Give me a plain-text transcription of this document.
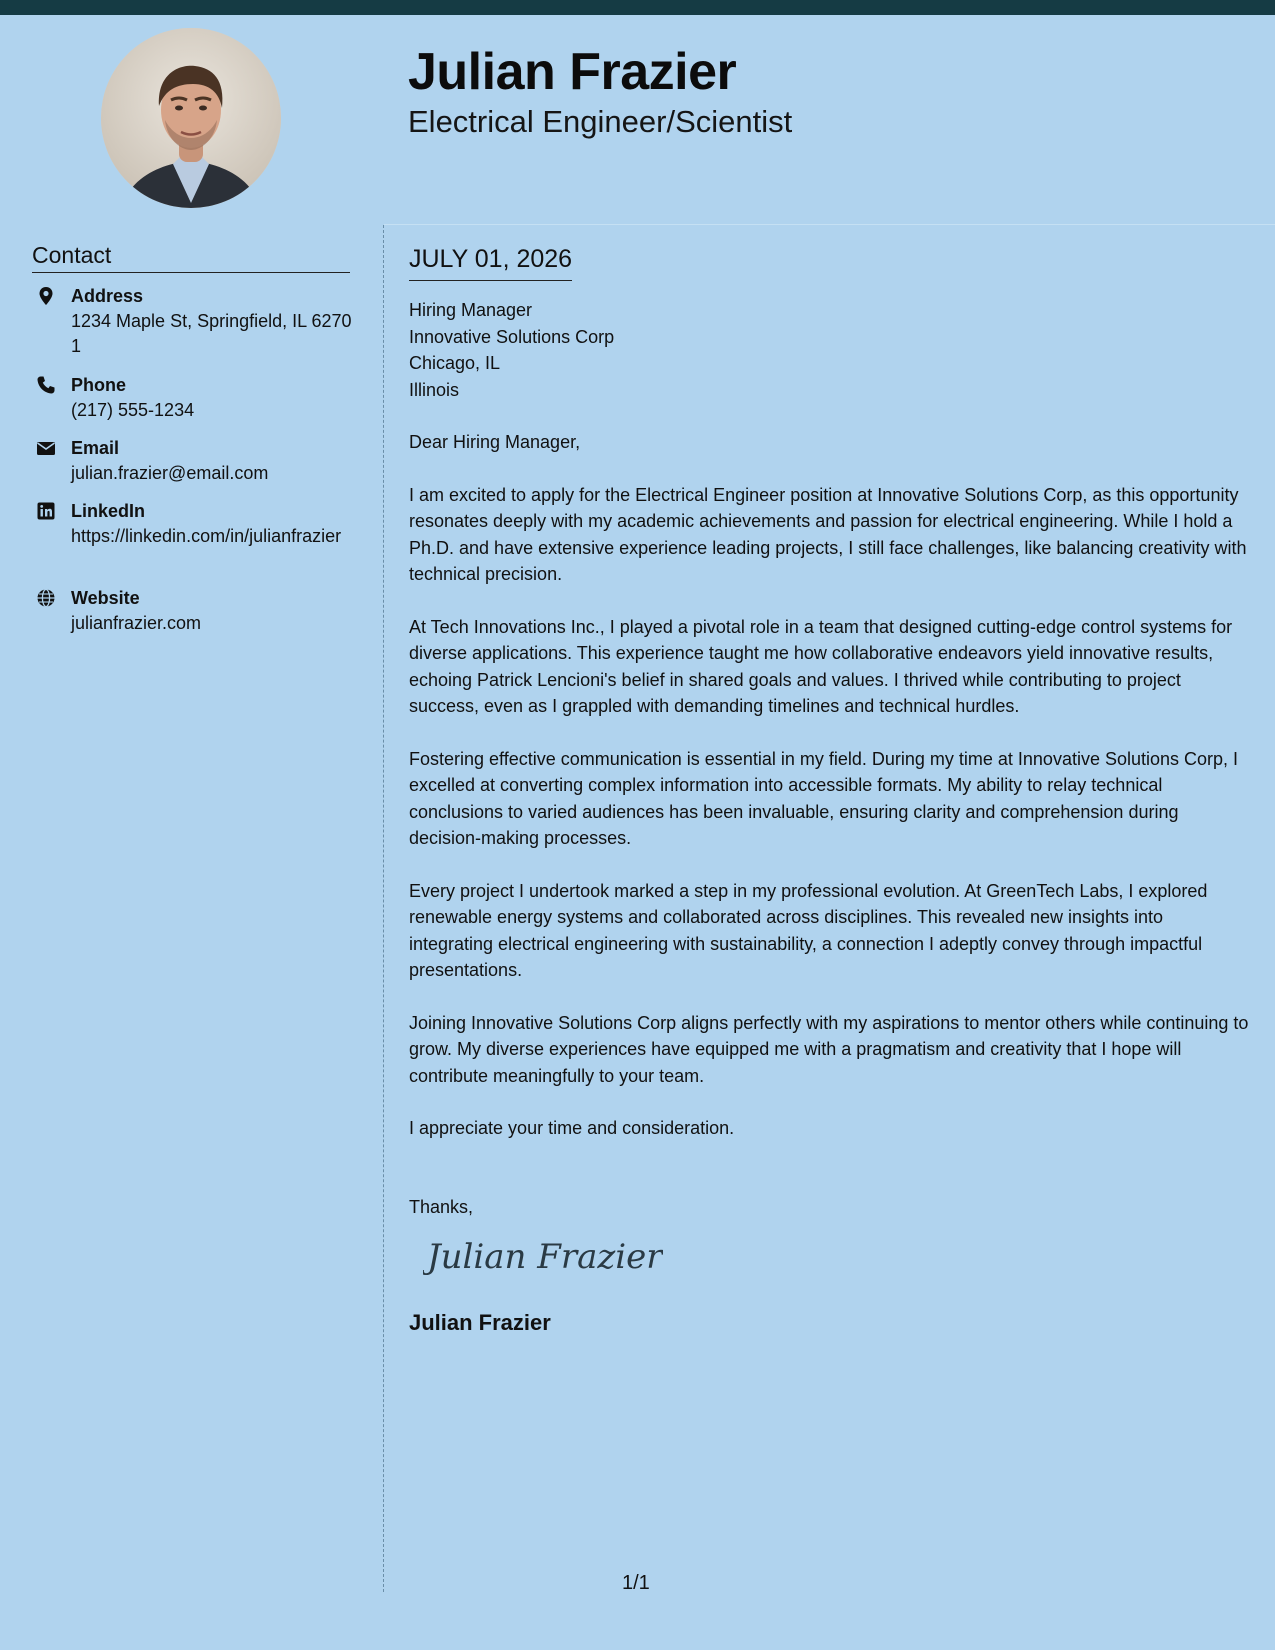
Julian Frazier
Electrical Engineer/Scientist
Contact
Address
1234 Maple St, Springfield, IL 62701
Phone
(217) 555-1234
Email
julian.frazier@email.com
LinkedIn
https://linkedin.com/in/julianfrazier
Website
julianfrazier.com
JULY 01, 2026
Hiring Manager
Innovative Solutions Corp
Chicago, IL
Illinois

Dear Hiring Manager,

I am excited to apply for the Electrical Engineer position at Innovative Solutions Corp, as this opportunity resonates deeply with my academic achievements and passion for electrical engineering. While I hold a Ph.D. and have extensive experience leading projects, I still face challenges, like balancing creativity with technical precision.

At Tech Innovations Inc., I played a pivotal role in a team that designed cutting-edge control systems for diverse applications. This experience taught me how collaborative endeavors yield innovative results, echoing Patrick Lencioni's belief in shared goals and values. I thrived while contributing to project success, even as I grappled with demanding timelines and technical hurdles.

Fostering effective communication is essential in my field. During my time at Innovative Solutions Corp, I excelled at converting complex information into accessible formats. My ability to relay technical conclusions to varied audiences has been invaluable, ensuring clarity and comprehension during decision-making processes.

Every project I undertook marked a step in my professional evolution. At GreenTech Labs, I explored renewable energy systems and collaborated across disciplines. This revealed new insights into integrating electrical engineering with sustainability, a connection I adeptly convey through impactful presentations.

Joining Innovative Solutions Corp aligns perfectly with my aspirations to mentor others while continuing to grow. My diverse experiences have equipped me with a pragmatism and creativity that I hope will contribute meaningfully to your team.

I appreciate your time and consideration.

Thanks,

Julian Frazier
Julian Frazier
1/1
